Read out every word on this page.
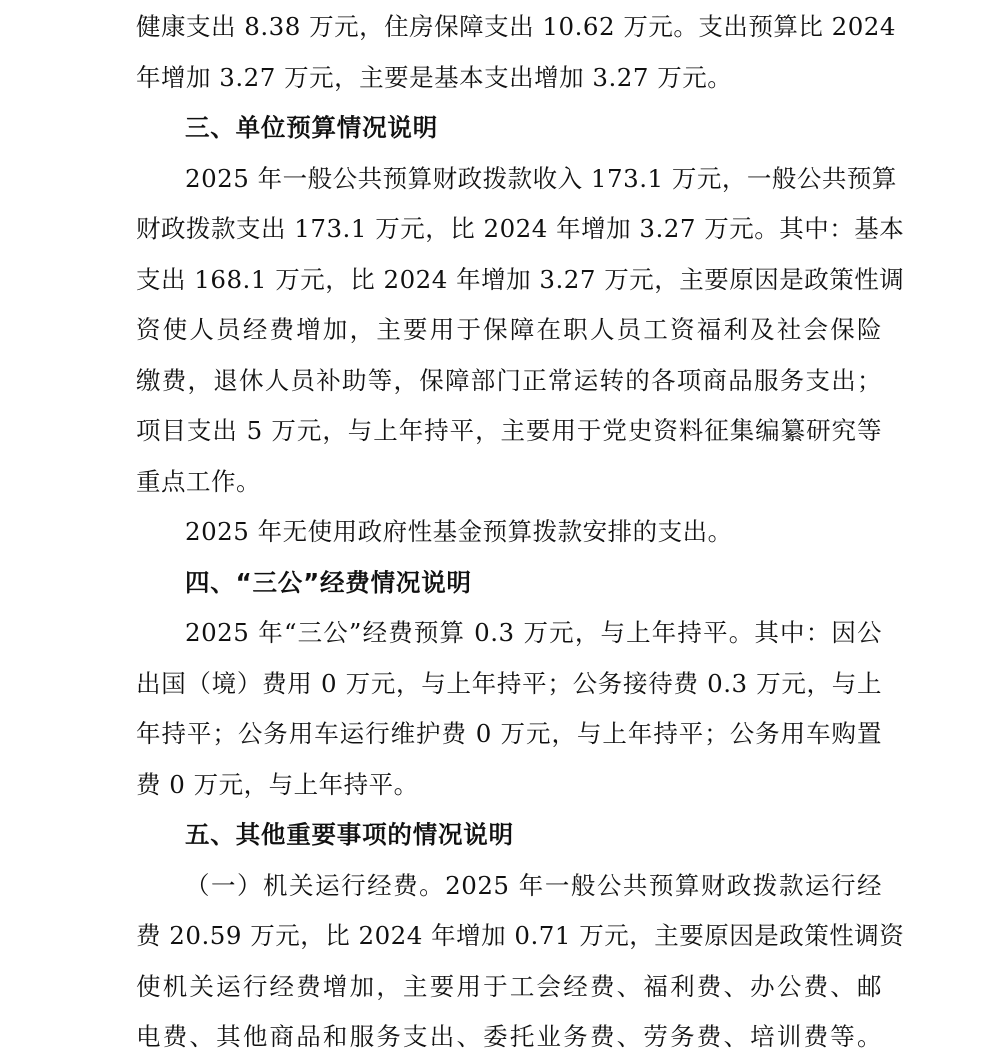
健康支出 8.38 万元，住房保障支出 10.62 万元。支出预算比 2024
年增加 3.27 万元，主要是基本支出增加 3.27 万元。
三、单位预算情况说明
2025 年一般公共预算财政拨款收入 173.1 万元，一般公共预算
财政拨款支出 173.1 万元，比 2024 年增加 3.27 万元。其中：基本
支出 168.1 万元，比 2024 年增加 3.27 万元，主要原因是政策性调
资使人员经费增加，主要用于保障在职人员工资福利及社会保险
缴费，退休人员补助等，保障部门正常运转的各项商品服务支出；
项目支出 5 万元，与上年持平，主要用于党史资料征集编纂研究等
重点工作。
2025 年无使用政府性基金预算拨款安排的支出。
四、“三公”经费情况说明
2025 年“三公”经费预算 0.3 万元，与上年持平。其中：因公
出国（境）费用 0 万元，与上年持平；公务接待费 0.3 万元，与上
年持平；公务用车运行维护费 0 万元，与上年持平；公务用车购置
费 0 万元，与上年持平。
五、其他重要事项的情况说明
（一）机关运行经费。2025 年一般公共预算财政拨款运行经
费 20.59 万元，比 2024 年增加 0.71 万元，主要原因是政策性调资
使机关运行经费增加，主要用于工会经费、福利费、办公费、邮
电费、其他商品和服务支出、委托业务费、劳务费、培训费等。
